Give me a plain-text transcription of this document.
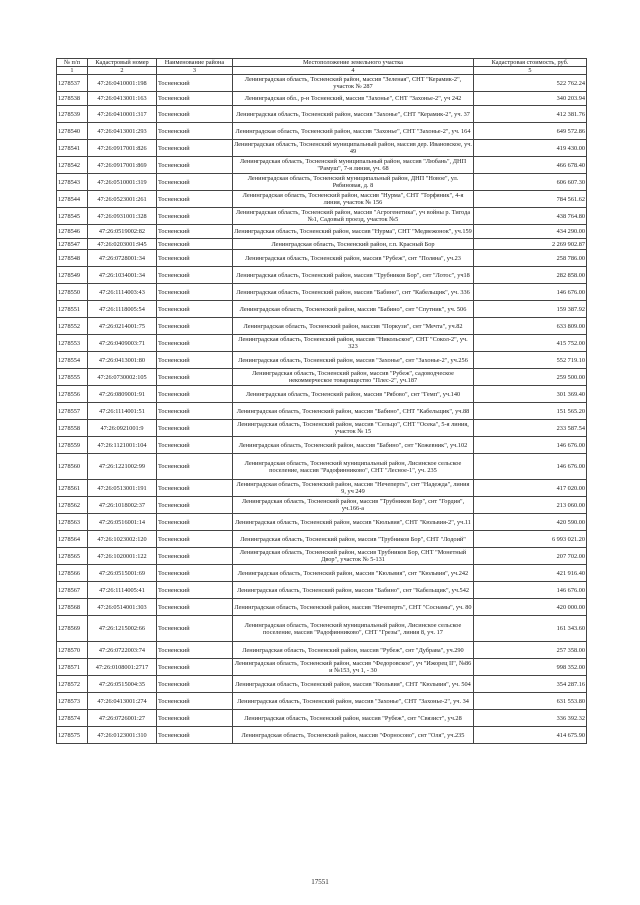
№ п/п	Кадастровый номер	Наименование района	Местоположение земельного участка	Кадастровая стоимость, руб.
1	2	3	4	5
1278537	47:26:0410001:198	Тосненский	Ленинградская область, Тосненский район, массив "Зеленая", СНТ "Керамик-2", участок № 287	522 762.24
1278538	47:26:0413001:163	Тосненский	Ленинградская обл., р-н Тосненский, массив "Захонье", СНТ "Захонье-2", уч 242	340 203.94
1278539	47:26:0410001:317	Тосненский	Ленинградская область, Тосненский район, массив "Захонье", СНТ "Керамик-2", уч. 37	412 381.76
1278540	47:26:0413001:293	Тосненский	Ленинградская область, Тосненский район, массив "Захонье", СНТ "Захонье-2", уч. 164	649 572.86
1278541	47:26:0917001:826	Тосненский	Ленинградская область, Тосненский муниципальный район, массив дер. Ивановское, уч. 49	419 430.00
1278542	47:26:0917001:869	Тосненский	Ленинградская область, Тосненский муниципальный район, массив "Любань", ДНП "Рамуш", 7-я линия, уч. 68	466 678.40
1278543	47:26:0510001:319	Тосненский	Ленинградская область, Тосненский муниципальный район, ДНП "Новое", ул. Рябиновая, д. 8	606 607.30
1278544	47:26:0523001:261	Тосненский	Ленинградская область, Тосненский район, массив "Нурма", СНТ "Торфяник", 4-я линия, участок № 156	784 561.62
1278545	47:26:0931001:328	Тосненский	Ленинградская область, Тосненский район, массив "Агрогенетика", уч войны р. Тигода №1, Садовый проезд, участок №5	438 764.80
1278546	47:26:0519002:82	Тосненский	Ленинградская область, Тосненский район, массив "Нурма", СНТ "Медвежонок", уч.159	434 290.00
1278547	47:26:0203001:945	Тосненский	Ленинградская область, Тосненский район, г.п. Красный Бор	2 269 902.87
1278548	47:26:0728001:34	Тосненский	Ленинградская область, Тосненский район, массив "Рубеж", снт "Поляна", уч.23	258 786.00
1278549	47:26:1034001:34	Тосненский	Ленинградская область, Тосненский район, массив "Трубников Бор", снт "Лотос", уч18	282 858.00
1278550	47:26:1114003:43	Тосненский	Ленинградская область, Тосненский район, массив "Бабино", снт "Кабельщик", уч. 336	146 676.00
1278551	47:26:1118005:54	Тосненский	Ленинградская область, Тосненский район, массив "Бабино", снт "Спутник", уч. 506	159 387.92
1278552	47:26:0214001:75	Тосненский	Ленинградская область, Тосненский район, массив "Поркузи", снт "Мечта", уч.82	633 809.00
1278553	47:26:0409003:71	Тосненский	Ленинградская область, Тосненский район, массив "Никольское", СНТ "Сокол-2", уч. 323	415 752.00
1278554	47:26:0413001:80	Тосненский	Ленинградская область, Тосненский район, массив "Захонье", снт "Захонье-2", уч.256	552 719.10
1278555	47:26:0730002:105	Тосненский	Ленинградская область, Тосненский район, массив "Рубеж", садоводческое некоммерческое товарищество "Плес-2", уч.187	259 500.00
1278556	47:26:0809001:91	Тосненский	Ленинградская область, Тосненский район, массив "Рябово", снт "Гемп", уч.140	301 369.40
1278557	47:26:1114001:51	Тосненский	Ленинградская область, Тосненский район, массив "Бабино", СНТ "Кабельщик", уч.88	151 565.20
1278558	47:26:0921001:9	Тосненский	Ленинградская область, Тосненский район, массив "Сельцо", СНТ "Осека", 5-я линия, участок № 15	233 587.54
1278559	47:26:1121001:104	Тосненский	Ленинградская область, Тосненский район, массив "Бабино", снт "Кожевник", уч.102	146 676.00
1278560	47:26:1221002:99	Тосненский	Ленинградская область, Тосненский муниципальный район, Лисинское сельское поселение, массив "Радофинниково", СНТ "Лесное-1", уч. 235	146 676.00
1278561	47:26:0513001:191	Тосненский	Ленинградская область, Тосненский район, массив "Нечеперть", снт "Надежда", линия 9, уч 249	417 020.00
1278562	47:26:1018002:37	Тосненский	Ленинградская область, Тосненский район, массив "Трубников Бор", снт "Гордия", уч.166-а	213 060.00
1278563	47:26:0516001:14	Тосненский	Ленинградская область, Тосненский район, массив "Кюльвия", СНТ "Кюльвия-2", уч.11	420 590.00
1278564	47:26:1023002:120	Тосненский	Ленинградская область, Тосненский район, массив "Трубников Бор", СНТ "Лодоий"	6 993 021.20
1278565	47:26:1020001:122	Тосненский	Ленинградская область, Тосненский район, массив Трубников Бор, СНТ "Монетный Двор", участок № 5-131	207 702.00
1278566	47:26:0515001:69	Тосненский	Ленинградская область, Тосненский район, массив "Кюльвия", снт "Кюльвия", уч.242	421 916.40
1278567	47:26:1114005:41	Тосненский	Ленинградская область, Тосненский район, массив "Бабино", снт "Кабельщик", уч.542	146 676.00
1278568	47:26:0514001:303	Тосненский	Ленинградская область, Тосненский район, массив "Нечеперть", СНТ "Соснамы", уч. 80	420 000.00
1278569	47:26:1215002:66	Тосненский	Ленинградская область, Тосненский муниципальный район, Лисинское сельское поселение, массив "Радофинниково", СНТ "Грезы", линия 8, уч. 17	161 343.60
1278570	47:26:0722003:74	Тосненский	Ленинградская область, Тосненский район, массив "Рубеж", снт "Дубрава", уч.290	257 358.00
1278571	47:26:0108001:2717	Тосненский	Ленинградская область, Тосненский район, массив "Федоровское", уч "Ижорец II", №86 и №153, уч 1, - 30	998 352.00
1278572	47:26:0515004:35	Тосненский	Ленинградская область, Тосненский район, массив "Кюльвия", СНТ "Кюльвия", уч. 504	354 287.16
1278573	47:26:0413001:274	Тосненский	Ленинградская область, Тосненский район, массив "Захонье", СНТ "Захонье-2", уч. 34	631 553.80
1278574	47:26:0726001:27	Тосненский	Ленинградская область, Тосненский район, массив "Рубеж", снт "Связист", уч.28	336 392.32
1278575	47:26:0123001:310	Тосненский	Ленинградская область, Тосненский район, массив "Форносово", снт "Оля", уч.235	414 675.90
17551
